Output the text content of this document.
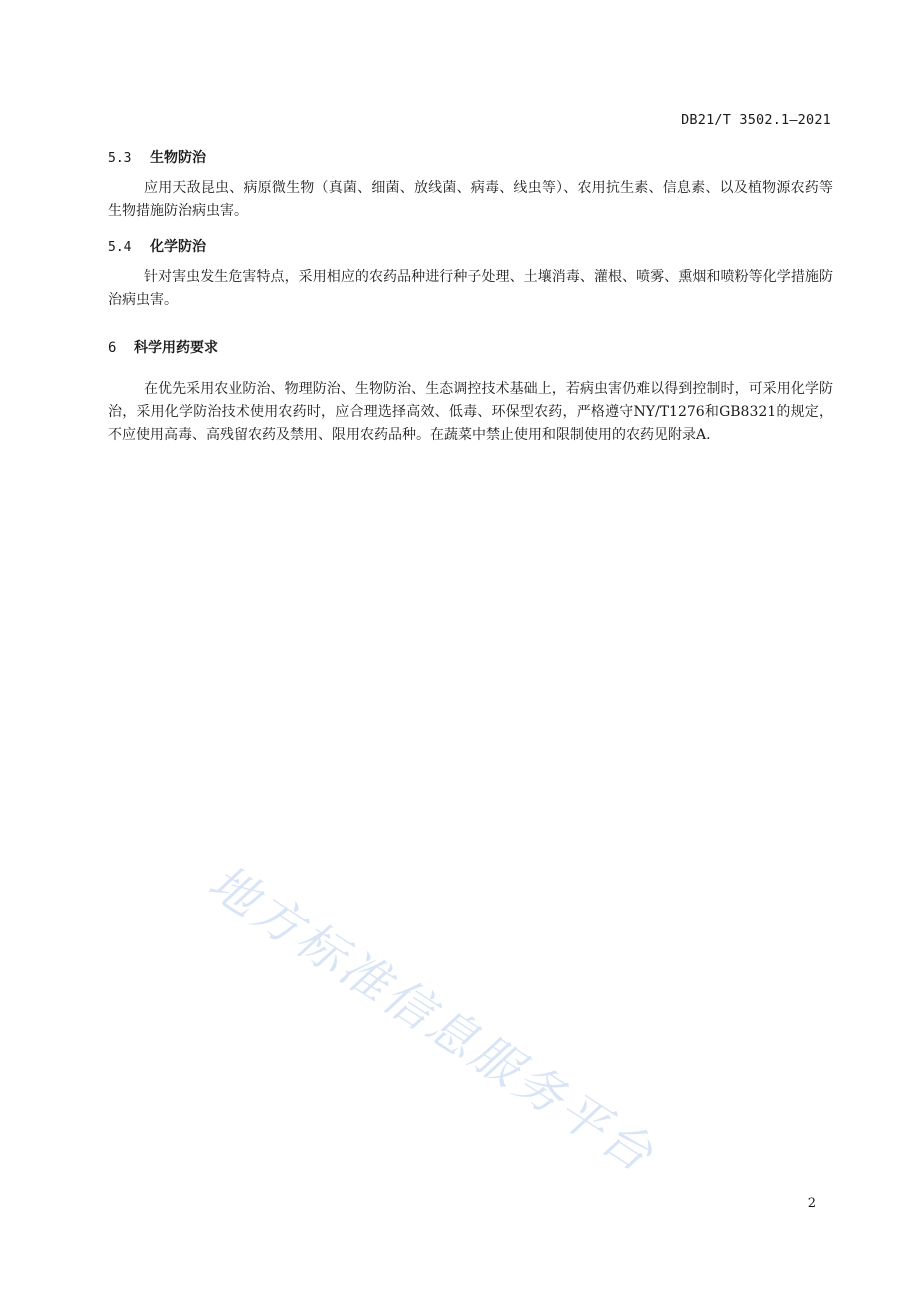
DB21/T 3502.1—2021
5.3 生物防治

应用天敌昆虫、病原微生物（真菌、细菌、放线菌、病毒、线虫等）、农用抗生素、信息素、以及植物源农药等生物措施防治病虫害。

5.4 化学防治

针对害虫发生危害特点，采用相应的农药品种进行种子处理、土壤消毒、灌根、喷雾、熏烟和喷粉等化学措施防治病虫害。

6 科学用药要求

在优先采用农业防治、物理防治、生物防治、生态调控技术基础上，若病虫害仍难以得到控制时，可采用化学防治，采用化学防治技术使用农药时，应合理选择高效、低毒、环保型农药，严格遵守NY/T1276和GB8321的规定，不应使用高毒、高残留农药及禁用、限用农药品种。在蔬菜中禁止使用和限制使用的农药见附录A.

地方标准信息服务平台
2
